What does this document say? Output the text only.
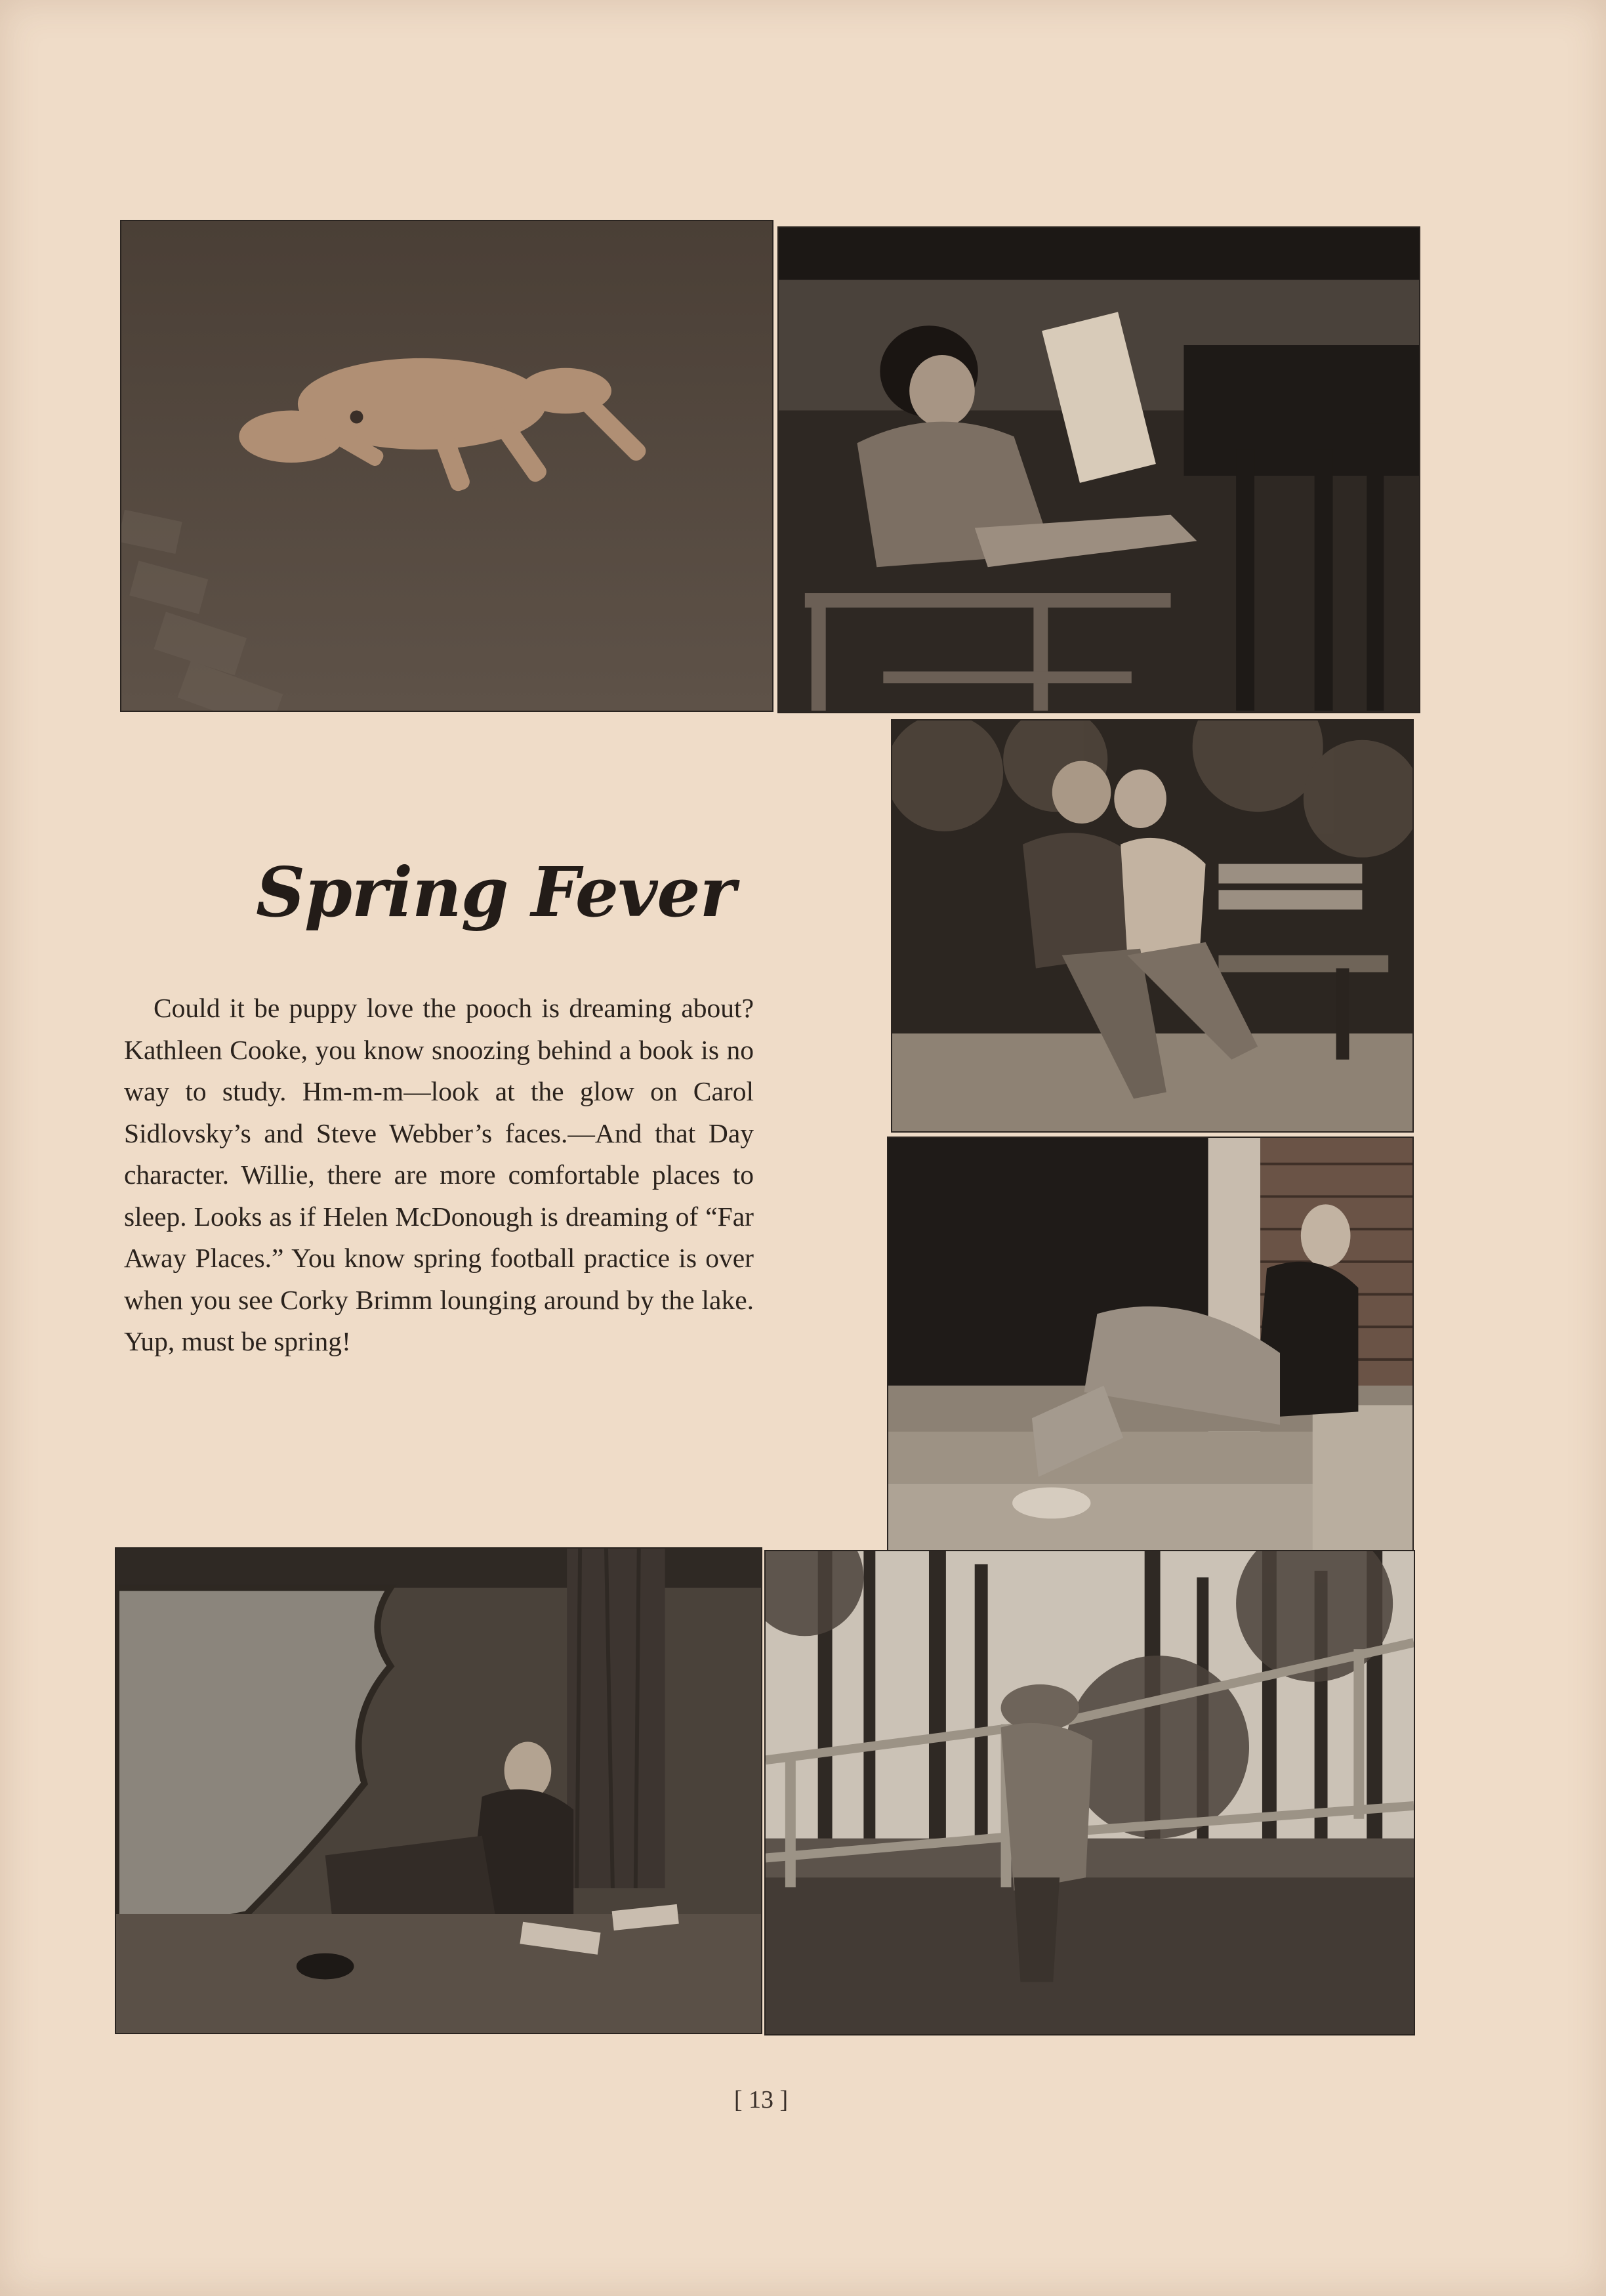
Spring Fever

Could it be puppy love the pooch is dreaming about? Kathleen Cooke, you know snoozing behind a book is no way to study. Hm-m-m—look at the glow on Carol Sidlovsky’s and Steve Webber’s faces.—And that Day character. Willie, there are more comfortable places to sleep. Looks as if Helen McDonough is dreaming of “Far Away Places.” You know spring football practice is over when you see Corky Brimm lounging around by the lake. Yup, must be spring!

[ 13 ]
